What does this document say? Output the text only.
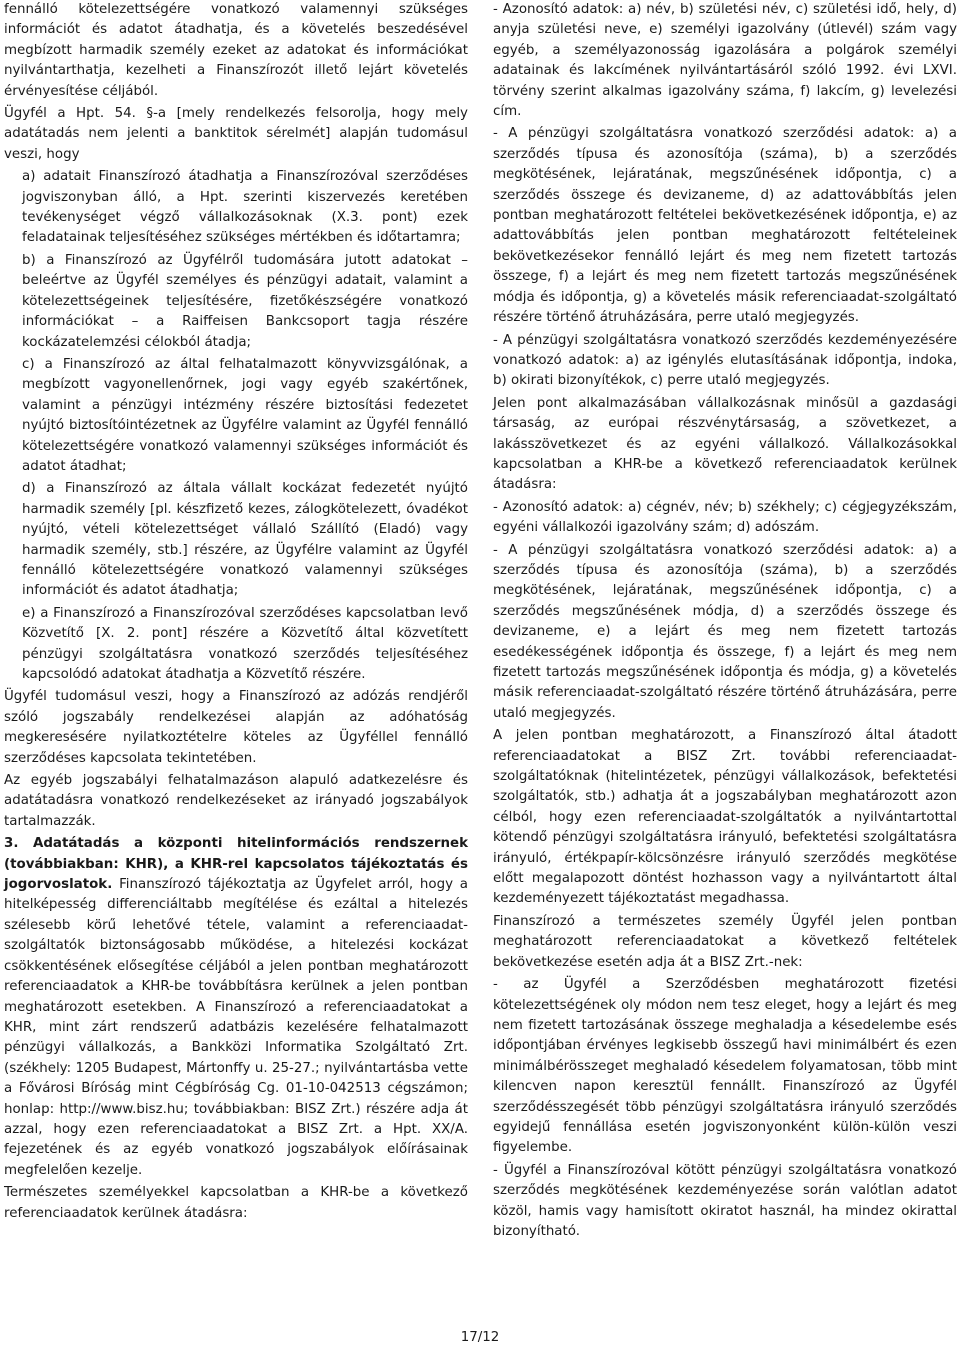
fennálló kötelezettségére vonatkozó valamennyi szükséges információt és adatot átadhatja, és a követelés beszedésével megbízott harmadik személy ezeket az adatokat és információkat nyilvántarthatja, kezelheti a Finanszírozót illető lejárt követelés érvényesítése céljából.

Ügyfél a Hpt. 54. §-a [mely rendelkezés felsorolja, hogy mely adatátadás nem jelenti a banktitok sérelmét] alapján tudomásul veszi, hogy

a) adatait Finanszírozó átadhatja a Finanszírozóval szerződéses jogviszonyban álló, a Hpt. szerinti kiszervezés keretében tevékenységet végző vállalkozásoknak (X.3. pont) ezek feladatainak teljesítéséhez szükséges mértékben és időtartamra;

b) a Finanszírozó az Ügyfélről tudomására jutott adatokat – beleértve az Ügyfél személyes és pénzügyi adatait, valamint a kötelezettségeinek teljesítésére, fizetőkészségére vonatkozó információkat – a Raiffeisen Bankcsoport tagja részére kockázatelemzési célokból átadja;

c) a Finanszírozó az által felhatalmazott könyvvizsgálónak, a megbízott vagyonellenőrnek, jogi vagy egyéb szakértőnek, valamint a pénzügyi intézmény részére biztosítási fedezetet nyújtó biztosítóintézetnek az Ügyfélre valamint az Ügyfél fennálló kötelezettségére vonatkozó valamennyi szükséges információt és adatot átadhat;

d) a Finanszírozó az általa vállalt kockázat fedezetét nyújtó harmadik személy [pl. készfizető kezes, zálogkötelezett, óvadékot nyújtó, vételi kötelezettséget vállaló Szállító (Eladó) vagy harmadik személy, stb.] részére, az Ügyfélre valamint az Ügyfél fennálló kötelezettségére vonatkozó valamennyi szükséges információt és adatot átadhatja;

e) a Finanszírozó a Finanszírozóval szerződéses kapcsolatban levő Közvetítő [X. 2. pont] részére a Közvetítő által közvetített pénzügyi szolgáltatásra vonatkozó szerződés teljesítéséhez kapcsolódó adatokat átadhatja a Közvetítő részére.

Ügyfél tudomásul veszi, hogy a Finanszírozó az adózás rendjéről szóló jogszabály rendelkezései alapján az adóhatóság megkeresésére nyilatkoztételre köteles az Ügyféllel fennálló szerződéses kapcsolata tekintetében.

Az egyéb jogszabályi felhatalmazáson alapuló adatkezelésre és adatátadásra vonatkozó rendelkezéseket az irányadó jogszabályok tartalmazzák.

3. Adatátadás a központi hitelinformációs rendszernek (továbbiakban: KHR), a KHR-rel kapcsolatos tájékoztatás és jogorvoslatok. Finanszírozó tájékoztatja az Ügyfelet arról, hogy a hitelképesség differenciáltabb megítélése és ezáltal a hitelezés szélesebb körű lehetővé tétele, valamint a referenciaadat-szolgáltatók biztonságosabb működése, a hitelezési kockázat csökkentésének elősegítése céljából a jelen pontban meghatározott referenciaadatok a KHR-be továbbításra kerülnek a jelen pontban meghatározott esetekben. A Finanszírozó a referenciaadatokat a KHR, mint zárt rendszerű adatbázis kezelésére felhatalmazott pénzügyi vállalkozás, a Bankközi Informatika Szolgáltató Zrt. (székhely: 1205 Budapest, Mártonffy u. 25-27.; nyilvántartásba vette a Fővárosi Bíróság mint Cégbíróság Cg. 01-10-042513 cégszámon; honlap: http://www.bisz.hu; továbbiakban: BISZ Zrt.) részére adja át azzal, hogy ezen referenciaadatokat a BISZ Zrt. a Hpt. XX/A. fejezetének és az egyéb vonatkozó jogszabályok előírásainak megfelelően kezelje.

Természetes személyekkel kapcsolatban a KHR-be a következő referenciaadatok kerülnek átadásra:

- Azonosító adatok: a) név, b) születési név, c) születési idő, hely, d) anyja születési neve, e) személyi igazolvány (útlevél) szám vagy egyéb, a személyazonosság igazolására a polgárok személyi adatainak és lakcímének nyilvántartásáról szóló 1992. évi LXVI. törvény szerint alkalmas igazolvány száma, f) lakcím, g) levelezési cím.

- A pénzügyi szolgáltatásra vonatkozó szerződési adatok: a) a szerződés típusa és azonosítója (száma), b) a szerződés megkötésének, lejáratának, megszűnésének időpontja, c) a szerződés összege és devizaneme, d) az adattovábbítás jelen pontban meghatározott feltételei bekövetkezésének időpontja, e) az adattovábbítás jelen pontban meghatározott feltételeinek bekövetkezésekor fennálló lejárt és meg nem fizetett tartozás összege, f) a lejárt és meg nem fizetett tartozás megszűnésének módja és időpontja, g) a követelés másik referenciaadat-szolgáltató részére történő átruházására, perre utaló megjegyzés.

- A pénzügyi szolgáltatásra vonatkozó szerződés kezdeményezésére vonatkozó adatok: a) az igénylés elutasításának időpontja, indoka, b) okirati bizonyítékok, c) perre utaló megjegyzés.

Jelen pont alkalmazásában vállalkozásnak minősül a gazdasági társaság, az európai részvénytársaság, a szövetkezet, a lakásszövetkezet és az egyéni vállalkozó. Vállalkozásokkal kapcsolatban a KHR-be a következő referenciaadatok kerülnek átadásra:

- Azonosító adatok: a) cégnév, név; b) székhely; c) cégjegyzékszám, egyéni vállalkozói igazolvány szám; d) adószám.

- A pénzügyi szolgáltatásra vonatkozó szerződési adatok: a) a szerződés típusa és azonosítója (száma), b) a szerződés megkötésének, lejáratának, megszűnésének időpontja, c) a szerződés megszűnésének módja, d) a szerződés összege és devizaneme, e) a lejárt és meg nem fizetett tartozás esedékességének időpontja és összege, f) a lejárt és meg nem fizetett tartozás megszűnésének időpontja és módja, g) a követelés másik referenciaadat-szolgáltató részére történő átruházására, perre utaló megjegyzés.

A jelen pontban meghatározott, a Finanszírozó által átadott referenciaadatokat a BISZ Zrt. további referenciaadat-szolgáltatóknak (hitelintézetek, pénzügyi vállalkozások, befektetési szolgáltatók, stb.) adhatja át a jogszabályban meghatározott azon célból, hogy ezen referenciaadat-szolgáltatók a nyilvántartottal kötendő pénzügyi szolgáltatásra irányuló, befektetési szolgáltatásra irányuló, értékpapír-kölcsönzésre irányuló szerződés megkötése előtt megalapozott döntést hozhasson vagy a nyilvántartott által kezdeményezett tájékoztatást megadhassa.

Finanszírozó a természetes személy Ügyfél jelen pontban meghatározott referenciaadatokat a következő feltételek bekövetkezése esetén adja át a BISZ Zrt.-nek:

- az Ügyfél a Szerződésben meghatározott fizetési kötelezettségének oly módon nem tesz eleget, hogy a lejárt és meg nem fizetett tartozásának összege meghaladja a késedelembe esés időpontjában érvényes legkisebb összegű havi minimálbért és ezen minimálbérösszeget meghaladó késedelem folyamatosan, több mint kilencven napon keresztül fennállt. Finanszírozó az Ügyfél szerződésszegését több pénzügyi szolgáltatásra irányuló szerződés egyidejű fennállása esetén jogviszonyonként külön-külön veszi figyelembe.

- Ügyfél a Finanszírozóval kötött pénzügyi szolgáltatásra vonatkozó szerződés megkötésének kezdeményezése során valótlan adatot közöl, hamis vagy hamisított okiratot használ, ha mindez okirattal bizonyítható.

17/12
